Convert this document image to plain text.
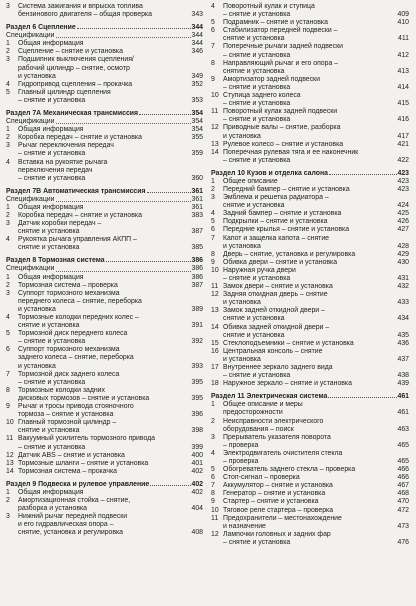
3	Система зажигания и впрыска топлива
бензинового двигателя – общая проверка	343
Раздел 6 Сцепление	344
Спецификации	344
1	Общая информация	344
2	Сцепление – снятие и установка	346
3	Подшипник выключения сцепления/
рабочий цилиндр – снятие, осмотр
и установка	349
4	Гидропривод сцепления – прокачка	352
5	Главный цилиндр сцепления
– снятие и установка	353
Раздел 7А Механическая трансмиссия	354
Спецификации	354
1	Общая информация	354
2	Коробка передач – снятие и установка	355
3	Рычаг переключения передач
– снятие и установка	359
4	Вставка на рукоятке рычага
переключения передач
– снятие и установка	360
Раздел 7В Автоматическая трансмиссия	361
Спецификации	361
1	Общая информация	361
2	Коробка передач – снятие и установка	383
3	Датчик коробки передач –
снятие и установка	387
4	Рукоятка рычага управления АКПП –
снятие и установка	385
Раздел 8 Тормозная система	386
Спецификации	386
1	Общая информация	386
2	Тормозная система – проверка	387
3	Суппорт тормозного механизма
переднего колеса – снятие, переборка
и установка	389
4	Тормозные колодки передних колес –
снятие и установка	391
5	Тормозной диск переднего колеса
– снятие и установка	392
6	Суппорт тормозного механизма
заднего колеса – снятие, переборка
и установка	393
7	Тормозной диск заднего колеса
– снятие и установка	395
8	Тормозные колодки задних
дисковых тормозов – снятие и установка	395
9	Рычаг и тросы привода стояночного
тормоза – снятие и установка	396
10 Главный тормозной цилиндр –
снятие и установка	398
11 Вакуумный усилитель тормозного привода
– снятие и установка	399
12 Датчик ABS – снятие и установка	400
13 Тормозные шланги – снятие и установка	401
14 Тормозная система – прокачка	402
Раздел 9 Подвеска и рулевое управление	402
1	Общая информация	402
2	Амортизационная стойка – снятие,
разборка и установка	404
3	Нижний рычаг передней подвески
и его гидравлическая опора –
снятие, установка и регулировка	408
4	Поворотный кулак и ступица
– снятие и установка	409
5	Подрамник – снятие и установка	410
6	Стабилизатор передней подвески –
снятие и установка	411
7	Поперечные рычаги задней подвески
– снятие и установка	412
8	Направляющий рычаг и его опора –
снятие и установка	413
9	Амортизатор задней подвески
– снятие и установка	414
10 Ступица заднего колеса
– снятие и установка	415
11 Поворотный кулак задней подвески
– снятие и установка	416
12 Приводные валы – снятие, разборка
и установка	417
13 Рулевое колесо – снятие и установка	421
14 Поперечная рулевая тяга и ее наконечник
– снятие и установка	422
Раздел 10 Кузов и отделка салона	423
1	Общее описание	423
2	Передний бампер – снятие и установка	423
3	Эмблема и решетка радиатора –
снятие и установка	424
4	Задний бампер – снятие и установка	425
5	Подкрылки – снятие и установка	426
6	Передние крылья – снятие и установка	427
7	Капот и защелка капота – снятие
и установка	428
8	Дверь – снятие, установка и регулировка	429
9	Обивка двери – снятие и установка	430
10 Наружная ручка двери
– снятие и установка	431
11 Замок двери – снятие и установка	432
12 Задняя откидная дверь – снятие
и установка	433
13 Замок задней откидной двери –
снятие и установка	434
14 Обивка задней откидной двери –
снятие и установка	435
15 Стеклоподъемники – снятие и установка	436
16 Центральная консоль – снятие
и установка	437
17 Внутреннее зеркало заднего вида
– снятие и установка	438
18 Наружное зеркало – снятие и установка	439
Раздел 11 Электрическая система	461
1	Общее описание и меры
предосторожности	461
2	Неисправности электрического
оборудования – поиск	463
3	Прерыватель указателя поворота
– проверка	465
4	Электродвигатель очистителя стекла
– проверка	465
5	Обогреватель заднего стекла – проверка	466
6	Стоп-сигнал – проверка	466
7	Аккумулятор – снятие и установка	467
8	Генератор – снятие и установка	468
9	Стартер – снятие и установка	470
10 Тяговое реле стартера – проверка	472
11 Предохранители – местонахождение
и назначение	473
12 Лампочки головных и задних фар
– снятие и установка	476
